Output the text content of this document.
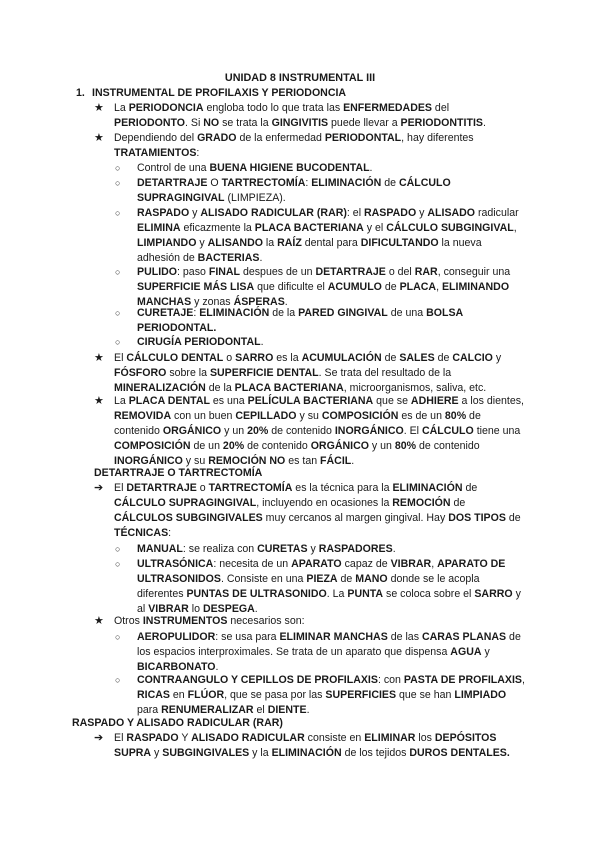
UNIDAD 8 INSTRUMENTAL III
1. INSTRUMENTAL DE PROFILAXIS Y PERIODONCIA
★ La PERIODONCIA engloba todo lo que trata las ENFERMEDADES del PERIODONTO. Si NO se trata la GINGIVITIS puede llevar a PERIODONTITIS.
★ Dependiendo del GRADO de la enfermedad PERIODONTAL, hay diferentes TRATAMIENTOS:
○	Control de una BUENA HIGIENE BUCODENTAL.
○	DETARTRAJE O TARTRECTOMÍA: ELIMINACIÓN de CÁLCULO SUPRAGINGIVAL (LIMPIEZA).
○	RASPADO y ALISADO RADICULAR (RAR): el RASPADO y ALISADO radicular ELIMINA eficazmente la PLACA BACTERIANA y el CÁLCULO SUBGINGIVAL, LIMPIANDO y ALISANDO la RAÍZ dental para DIFICULTANDO la nueva adhesión de BACTERIAS.
○	PULIDO: paso FINAL despues de un DETARTRAJE o del RAR, conseguir una SUPERFICIE MÁS LISA que dificulte el ACUMULO de PLACA, ELIMINANDO MANCHAS y zonas ÁSPERAS.
○	CURETAJE: ELIMINACIÓN de la PARED GINGIVAL de una BOLSA PERIODONTAL.
○	CIRUGÍA PERIODONTAL.
★ El CÁLCULO DENTAL o SARRO es la ACUMULACIÓN de SALES de CALCIO y FÓSFORO sobre la SUPERFICIE DENTAL. Se trata del resultado de la MINERALIZACIÓN de la PLACA BACTERIANA, microorganismos, saliva, etc.
★ La PLACA DENTAL es una PELÍCULA BACTERIANA que se ADHIERE a los dientes, REMOVIDA con un buen CEPILLADO y su COMPOSICIÓN es de un 80% de contenido ORGÁNICO y un 20% de contenido INORGÁNICO. El CÁLCULO tiene una COMPOSICIÓN de un 20% de contenido ORGÁNICO y un 80% de contenido INORGÁNICO y su REMOCIÓN NO es tan FÁCIL.
DETARTRAJE O TARTRECTOMÍA
➔	El DETARTRAJE o TARTRECTOMÍA es la técnica para la ELIMINACIÓN de CÁLCULO SUPRAGINGIVAL, incluyendo en ocasiones la REMOCIÓN de CÁLCULOS SUBGINGIVALES muy cercanos al margen gingival. Hay DOS TIPOS de TÉCNICAS:
○	MANUAL: se realiza con CURETAS y RASPADORES.
○	ULTRASÓNICA: necesita de un APARATO capaz de VIBRAR, APARATO DE ULTRASONIDOS. Consiste en una PIEZA de MANO donde se le acopla diferentes PUNTAS DE ULTRASONIDO. La PUNTA se coloca sobre el SARRO y al VIBRAR lo DESPEGA.
★ Otros INSTRUMENTOS necesarios son:
○	AEROPULIDOR: se usa para ELIMINAR MANCHAS de las CARAS PLANAS de los espacios interproximales. Se trata de un aparato que dispensa AGUA y BICARBONATO.
○	CONTRAANGULO Y CEPILLOS DE PROFILAXIS: con PASTA DE PROFILAXIS, RICAS en FLÚOR, que se pasa por las SUPERFICIES que se han LIMPIADO para RENUMERALIZAR el DIENTE.
RASPADO Y ALISADO RADICULAR (RAR)
➔	El RASPADO Y ALISADO RADICULAR consiste en ELIMINAR los DEPÓSITOS SUPRA y SUBGINGIVALES y la ELIMINACIÓN de los tejidos DUROS DENTALES.
